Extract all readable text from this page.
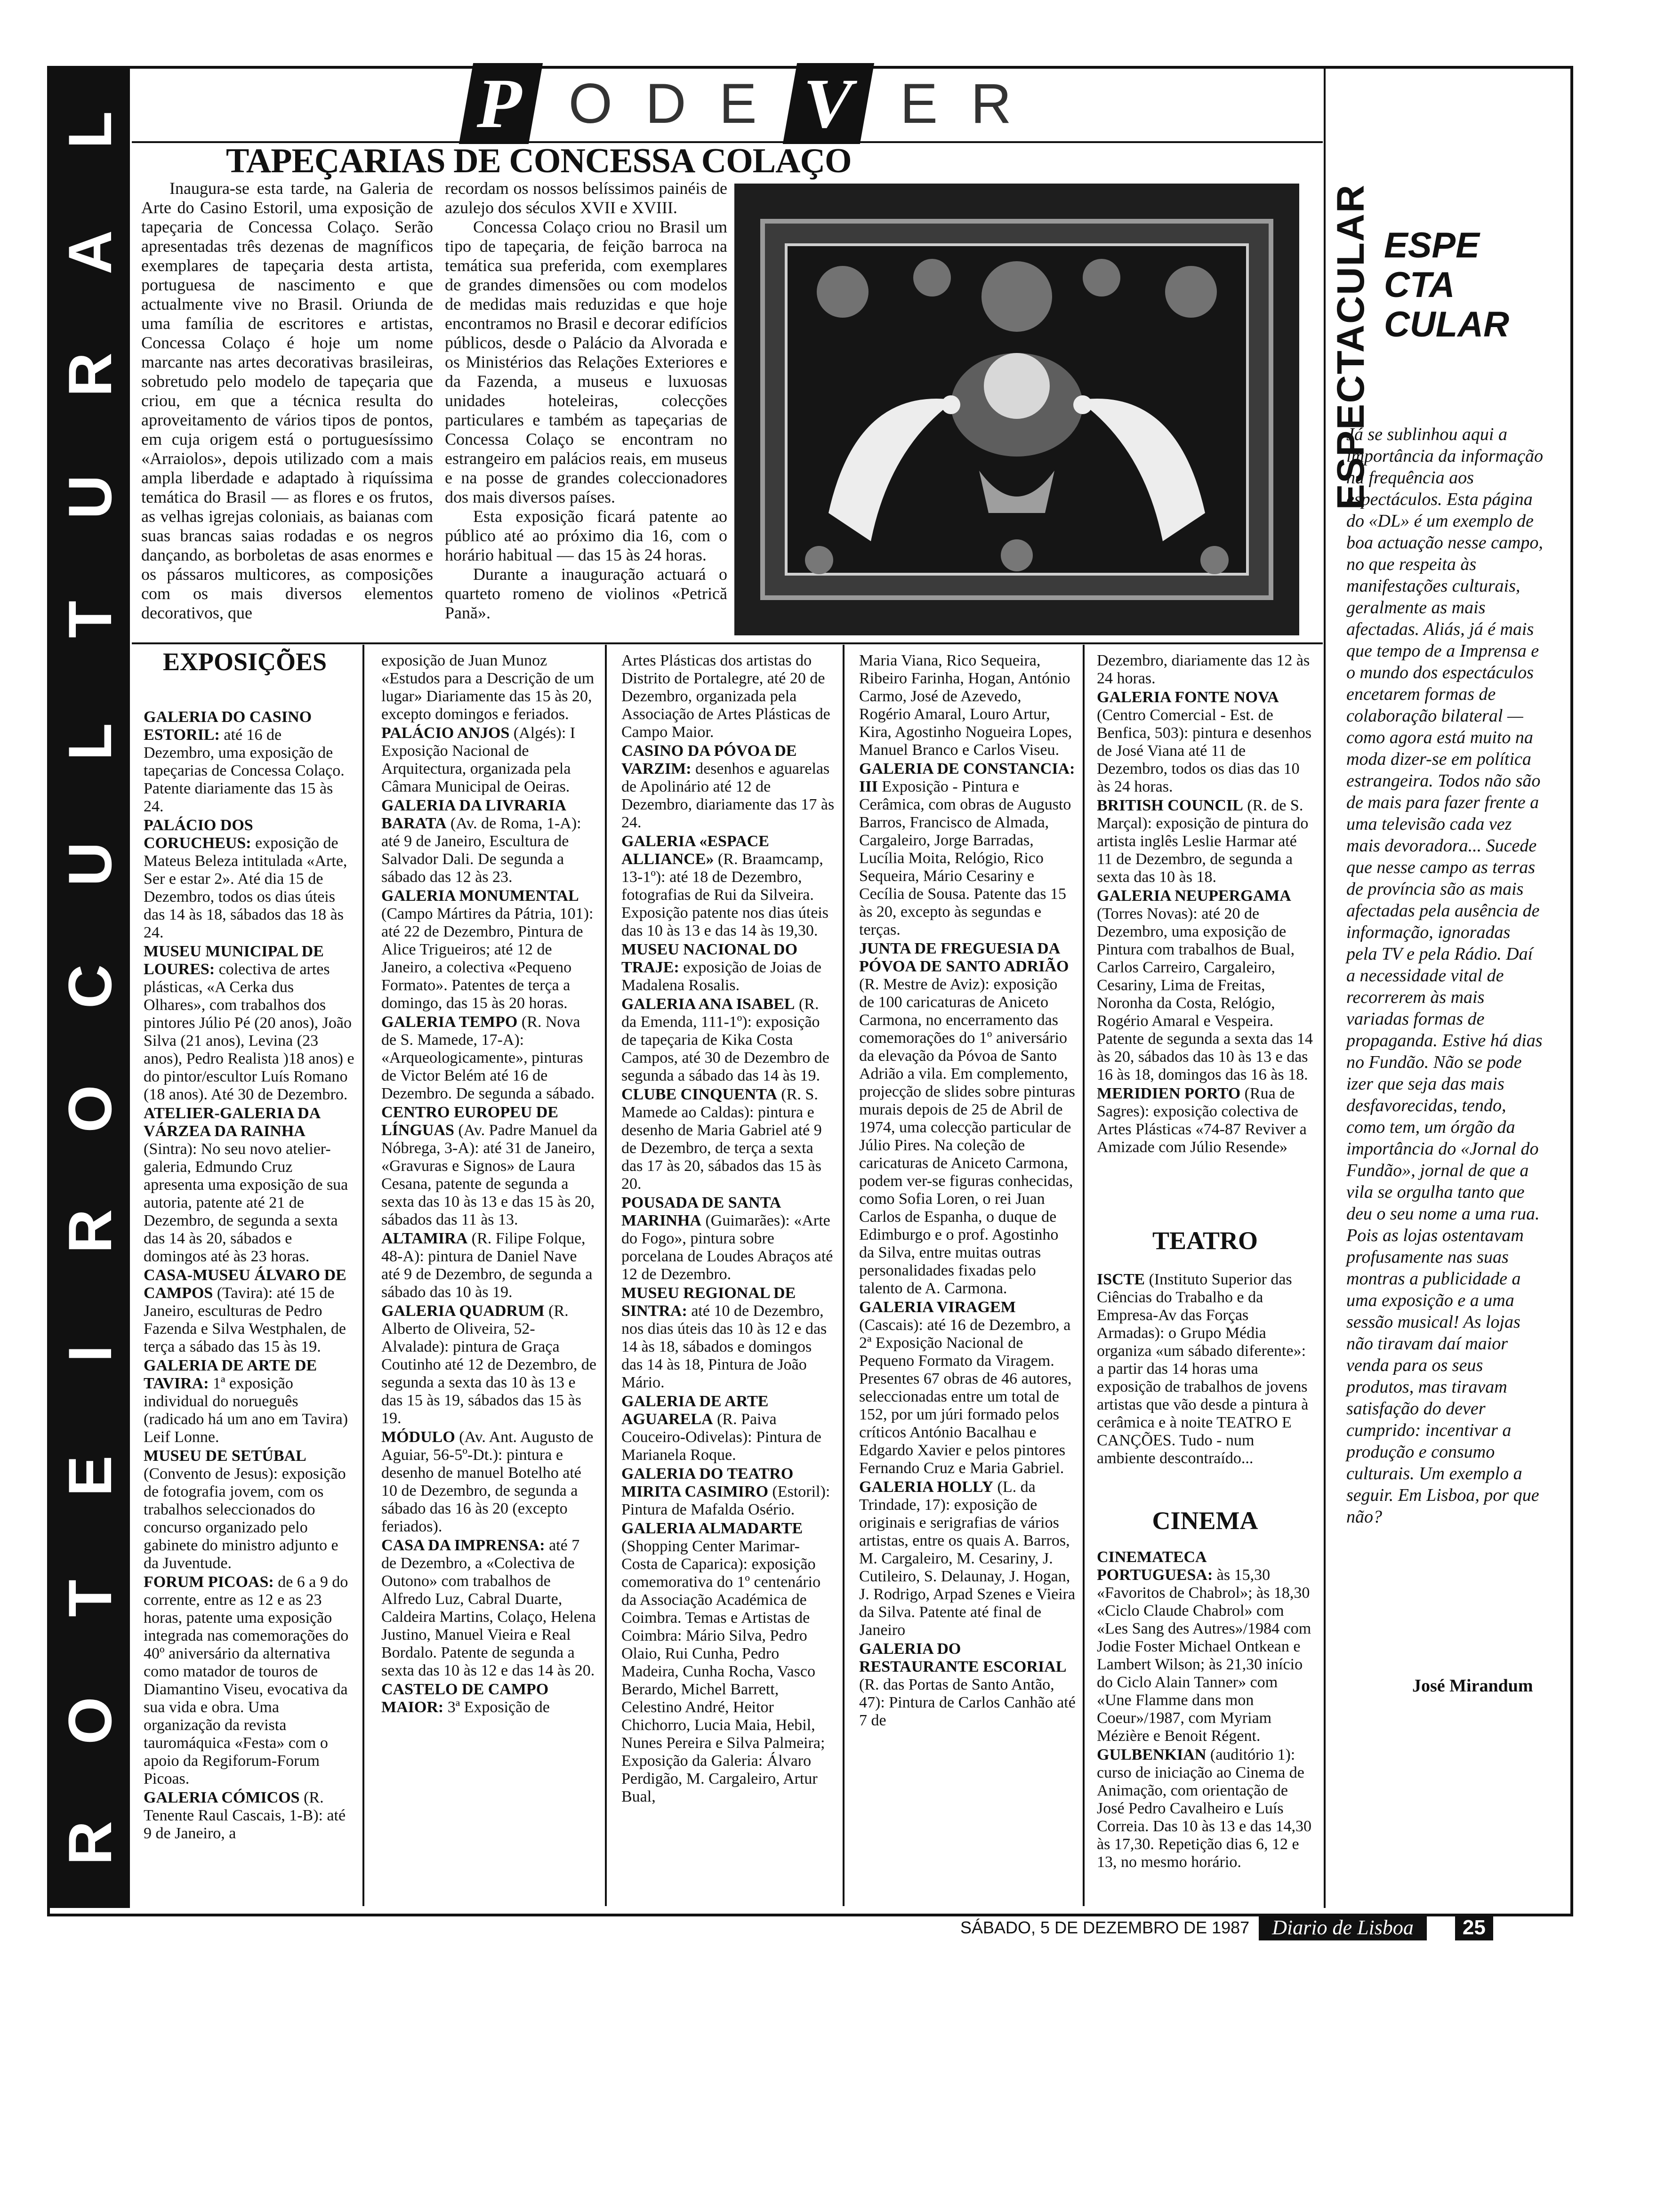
L
A
R
U
T
L
U
C
O
R
I
E
T
O
R
P O D E V E R
TAPEÇARIAS DE CONCESSA COLAÇO

Inaugura-se esta tarde, na Galeria de Arte do Casino Estoril, uma exposição de tapeçaria de Concessa Colaço. Serão apresentadas três dezenas de magníficos exemplares de tapeçaria desta artista, portuguesa de nascimento e que actualmente vive no Brasil. Oriunda de uma família de escritores e artistas, Concessa Colaço é hoje um nome marcante nas artes decorativas brasileiras, sobretudo pelo modelo de tapeçaria que criou, em que a técnica resulta do aproveitamento de vários tipos de pontos, em cuja origem está o portuguesíssimo «Arraiolos», depois utilizado com a mais ampla liberdade e adaptado à riquíssima temática do Brasil — as flores e os frutos, as velhas igrejas coloniais, as baianas com suas brancas saias rodadas e os negros dançando, as borboletas de asas enormes e os pássaros multicores, as composições com os mais diversos elementos decorativos, que

recordam os nossos belíssimos painéis de azulejo dos séculos XVII e XVIII.

Concessa Colaço criou no Brasil um tipo de tapeçaria, de feição barroca na temática sua preferida, com exemplares de grandes dimensões ou com modelos de medidas mais reduzidas e que hoje encontramos no Brasil e decorar edifícios públicos, desde o Palácio da Alvorada e os Ministérios das Relações Exteriores e da Fazenda, a museus e luxuosas unidades hoteleiras, colecções particulares e também as tapeçarias de Concessa Colaço se encontram no estrangeiro em palácios reais, em museus e na posse de grandes coleccionadores dos mais diversos países.

Esta exposição ficará patente ao público até ao próximo dia 16, com o horário habitual — das 15 às 24 horas.

Durante a inauguração actuará o quarteto romeno de violinos «Petrică Pană».

ESPECTACULAR ESPE
CTA
CULAR
Já se sublinhou aqui a importância da informação na frequência aos espectáculos. Esta página do «DL» é um exemplo de boa actuação nesse campo, no que respeita às manifestações culturais, geralmente as mais afectadas. Aliás, já é mais que tempo de a Imprensa e o mundo dos espectáculos encetarem formas de colaboração bilateral — como agora está muito na moda dizer-se em política estrangeira. Todos não são de mais para fazer frente a uma televisão cada vez mais devoradora... Sucede que nesse campo as terras de província são as mais afectadas pela ausência de informação, ignoradas pela TV e pela Rádio. Daí a necessidade vital de recorrerem às mais variadas formas de propaganda. Estive há dias no Fundão. Não se pode izer que seja das mais desfavorecidas, tendo, como tem, um órgão da importância do «Jornal do Fundão», jornal de que a vila se orgulha tanto que deu o seu nome a uma rua. Pois as lojas ostentavam profusamente nas suas montras a publicidade a uma exposição e a uma sessão musical! As lojas não tiravam daí maior venda para os seus produtos, mas tiravam satisfação do dever cumprido: incentivar a produção e consumo culturais. Um exemplo a seguir. Em Lisboa, por que não?
José Mirandum
EXPOSIÇÕES
GALERIA DO CASINO ESTORIL: até 16 de Dezembro, uma exposição de tapeçarias de Concessa Colaço. Patente diariamente das 15 às 24.
PALÁCIO DOS CORUCHEUS: exposição de Mateus Beleza intitulada «Arte, Ser e estar 2». Até dia 15 de Dezembro, todos os dias úteis das 14 às 18, sábados das 18 às 24.
MUSEU MUNICIPAL DE LOURES: colectiva de artes plásticas, «A Cerka dus Olhares», com trabalhos dos pintores Júlio Pé (20 anos), João Silva (21 anos), Levina (23 anos), Pedro Realista )18 anos) e do pintor/escultor Luís Romano (18 anos). Até 30 de Dezembro.
ATELIER-GALERIA DA VÁRZEA DA RAINHA (Sintra): No seu novo atelier-galeria, Edmundo Cruz apresenta uma exposição de sua autoria, patente até 21 de Dezembro, de segunda a sexta das 14 às 20, sábados e domingos até às 23 horas.
CASA-MUSEU ÁLVARO DE CAMPOS (Tavira): até 15 de Janeiro, esculturas de Pedro Fazenda e Silva Westphalen, de terça a sábado das 15 às 19.
GALERIA DE ARTE DE TAVIRA: 1ª exposição individual do norueguês (radicado há um ano em Tavira) Leif Lonne.
MUSEU DE SETÚBAL (Convento de Jesus): exposição de fotografia jovem, com os trabalhos seleccionados do concurso organizado pelo gabinete do ministro adjunto e da Juventude.
FORUM PICOAS: de 6 a 9 do corrente, entre as 12 e as 23 horas, patente uma exposição integrada nas comemorações do 40º aniversário da alternativa como matador de touros de Diamantino Viseu, evocativa da sua vida e obra. Uma organização da revista tauromáquica «Festa» com o apoio da Regiforum-Forum Picoas.
GALERIA CÓMICOS (R. Tenente Raul Cascais, 1-B): até 9 de Janeiro, a
exposição de Juan Munoz «Estudos para a Descrição de um lugar» Diariamente das 15 às 20, excepto domingos e feriados.
PALÁCIO ANJOS (Algés): I Exposição Nacional de Arquitectura, organizada pela Câmara Municipal de Oeiras.
GALERIA DA LIVRARIA BARATA (Av. de Roma, 1-A): até 9 de Janeiro, Escultura de Salvador Dali. De segunda a sábado das 12 às 23.
GALERIA MONUMENTAL (Campo Mártires da Pátria, 101): até 22 de Dezembro, Pintura de Alice Trigueiros; até 12 de Janeiro, a colectiva «Pequeno Formato». Patentes de terça a domingo, das 15 às 20 horas.
GALERIA TEMPO (R. Nova de S. Mamede, 17-A): «Arqueologicamente», pinturas de Victor Belém até 16 de Dezembro. De segunda a sábado.
CENTRO EUROPEU DE LÍNGUAS (Av. Padre Manuel da Nóbrega, 3-A): até 31 de Janeiro, «Gravuras e Signos» de Laura Cesana, patente de segunda a sexta das 10 às 13 e das 15 às 20, sábados das 11 às 13.
ALTAMIRA (R. Filipe Folque, 48-A): pintura de Daniel Nave até 9 de Dezembro, de segunda a sábado das 10 às 19.
GALERIA QUADRUM (R. Alberto de Oliveira, 52-Alvalade): pintura de Graça Coutinho até 12 de Dezembro, de segunda a sexta das 10 às 13 e das 15 às 19, sábados das 15 às 19.
MÓDULO (Av. Ant. Augusto de Aguiar, 56-5º-Dt.): pintura e desenho de manuel Botelho até 10 de Dezembro, de segunda a sábado das 16 às 20 (excepto feriados).
CASA DA IMPRENSA: até 7 de Dezembro, a «Colectiva de Outono» com trabalhos de Alfredo Luz, Cabral Duarte, Caldeira Martins, Colaço, Helena Justino, Manuel Vieira e Real Bordalo. Patente de segunda a sexta das 10 às 12 e das 14 às 20.
CASTELO DE CAMPO MAIOR: 3ª Exposição de
Artes Plásticas dos artistas do Distrito de Portalegre, até 20 de Dezembro, organizada pela Associação de Artes Plásticas de Campo Maior.
CASINO DA PÓVOA DE VARZIM: desenhos e aguarelas de Apolinário até 12 de Dezembro, diariamente das 17 às 24.
GALERIA «ESPACE ALLIANCE» (R. Braamcamp, 13-1º): até 18 de Dezembro, fotografias de Rui da Silveira. Exposição patente nos dias úteis das 10 às 13 e das 14 às 19,30.
MUSEU NACIONAL DO TRAJE: exposição de Joias de Madalena Rosalis.
GALERIA ANA ISABEL (R. da Emenda, 111-1º): exposição de tapeçaria de Kika Costa Campos, até 30 de Dezembro de segunda a sábado das 14 às 19.
CLUBE CINQUENTA (R. S. Mamede ao Caldas): pintura e desenho de Maria Gabriel até 9 de Dezembro, de terça a sexta das 17 às 20, sábados das 15 às 20.
POUSADA DE SANTA MARINHA (Guimarães): «Arte do Fogo», pintura sobre porcelana de Loudes Abraços até 12 de Dezembro.
MUSEU REGIONAL DE SINTRA: até 10 de Dezembro, nos dias úteis das 10 às 12 e das 14 às 18, sábados e domingos das 14 às 18, Pintura de João Mário.
GALERIA DE ARTE AGUARELA (R. Paiva Couceiro-Odivelas): Pintura de Marianela Roque.
GALERIA DO TEATRO MIRITA CASIMIRO (Estoril): Pintura de Mafalda Osério.
GALERIA ALMADARTE (Shopping Center Marimar-Costa de Caparica): exposição comemorativa do 1º centenário da Associação Académica de Coimbra. Temas e Artistas de Coimbra: Mário Silva, Pedro Olaio, Rui Cunha, Pedro Madeira, Cunha Rocha, Vasco Berardo, Michel Barrett, Celestino André, Heitor Chichorro, Lucia Maia, Hebil, Nunes Pereira e Silva Palmeira; Exposição da Galeria: Álvaro Perdigão, M. Cargaleiro, Artur Bual,
Maria Viana, Rico Sequeira, Ribeiro Farinha, Hogan, António Carmo, José de Azevedo, Rogério Amaral, Louro Artur, Kira, Agostinho Nogueira Lopes, Manuel Branco e Carlos Viseu.
GALERIA DE CONSTANCIA: III Exposição - Pintura e Cerâmica, com obras de Augusto Barros, Francisco de Almada, Cargaleiro, Jorge Barradas, Lucília Moita, Relógio, Rico Sequeira, Mário Cesariny e Cecília de Sousa. Patente das 15 às 20, excepto às segundas e terças.
JUNTA DE FREGUESIA DA PÓVOA DE SANTO ADRIÃO (R. Mestre de Aviz): exposição de 100 caricaturas de Aniceto Carmona, no encerramento das comemorações do 1º aniversário da elevação da Póvoa de Santo Adrião a vila. Em complemento, projecção de slides sobre pinturas murais depois de 25 de Abril de 1974, uma colecção particular de Júlio Pires. Na coleção de caricaturas de Aniceto Carmona, podem ver-se figuras conhecidas, como Sofia Loren, o rei Juan Carlos de Espanha, o duque de Edimburgo e o prof. Agostinho da Silva, entre muitas outras personalidades fixadas pelo talento de A. Carmona.
GALERIA VIRAGEM (Cascais): até 16 de Dezembro, a 2ª Exposição Nacional de Pequeno Formato da Viragem. Presentes 67 obras de 46 autores, seleccionadas entre um total de 152, por um júri formado pelos críticos António Bacalhau e Edgardo Xavier e pelos pintores Fernando Cruz e Maria Gabriel.
GALERIA HOLLY (L. da Trindade, 17): exposição de originais e serigrafias de vários artistas, entre os quais A. Barros, M. Cargaleiro, M. Cesariny, J. Cutileiro, S. Delaunay, J. Hogan, J. Rodrigo, Arpad Szenes e Vieira da Silva. Patente até final de Janeiro
GALERIA DO RESTAURANTE ESCORIAL (R. das Portas de Santo Antão, 47): Pintura de Carlos Canhão até 7 de
Dezembro, diariamente das 12 às 24 horas.
GALERIA FONTE NOVA (Centro Comercial - Est. de Benfica, 503): pintura e desenhos de José Viana até 11 de Dezembro, todos os dias das 10 às 24 horas.
BRITISH COUNCIL (R. de S. Marçal): exposição de pintura do artista inglês Leslie Harmar até 11 de Dezembro, de segunda a sexta das 10 às 18.
GALERIA NEUPERGAMA (Torres Novas): até 20 de Dezembro, uma exposição de Pintura com trabalhos de Bual, Carlos Carreiro, Cargaleiro, Cesariny, Lima de Freitas, Noronha da Costa, Relógio, Rogério Amaral e Vespeira. Patente de segunda a sexta das 14 às 20, sábados das 10 às 13 e das 16 às 18, domingos das 16 às 18.
MERIDIEN PORTO (Rua de Sagres): exposição colectiva de Artes Plásticas «74-87 Reviver a Amizade com Júlio Resende»
TEATRO
ISCTE (Instituto Superior das Ciências do Trabalho e da Empresa-Av das Forças Armadas): o Grupo Média organiza «um sábado diferente»: a partir das 14 horas uma exposição de trabalhos de jovens artistas que vão desde a pintura à cerâmica e à noite TEATRO E CANÇÕES. Tudo - num ambiente descontraído...
CINEMA
CINEMATECA PORTUGUESA: às 15,30 «Favoritos de Chabrol»; às 18,30 «Ciclo Claude Chabrol» com «Les Sang des Autres»/1984 com Jodie Foster Michael Ontkean e Lambert Wilson; às 21,30 início do Ciclo Alain Tanner» com «Une Flamme dans mon Coeur»/1987, com Myriam Mézière e Benoit Régent.
GULBENKIAN (auditório 1): curso de iniciação ao Cinema de Animação, com orientação de José Pedro Cavalheiro e Luís Correia. Das 10 às 13 e das 14,30 às 17,30. Repetição dias 6, 12 e 13, no mesmo horário.
SÁBADO, 5 DE DEZEMBRO DE 1987	Diario de Lisboa	25
